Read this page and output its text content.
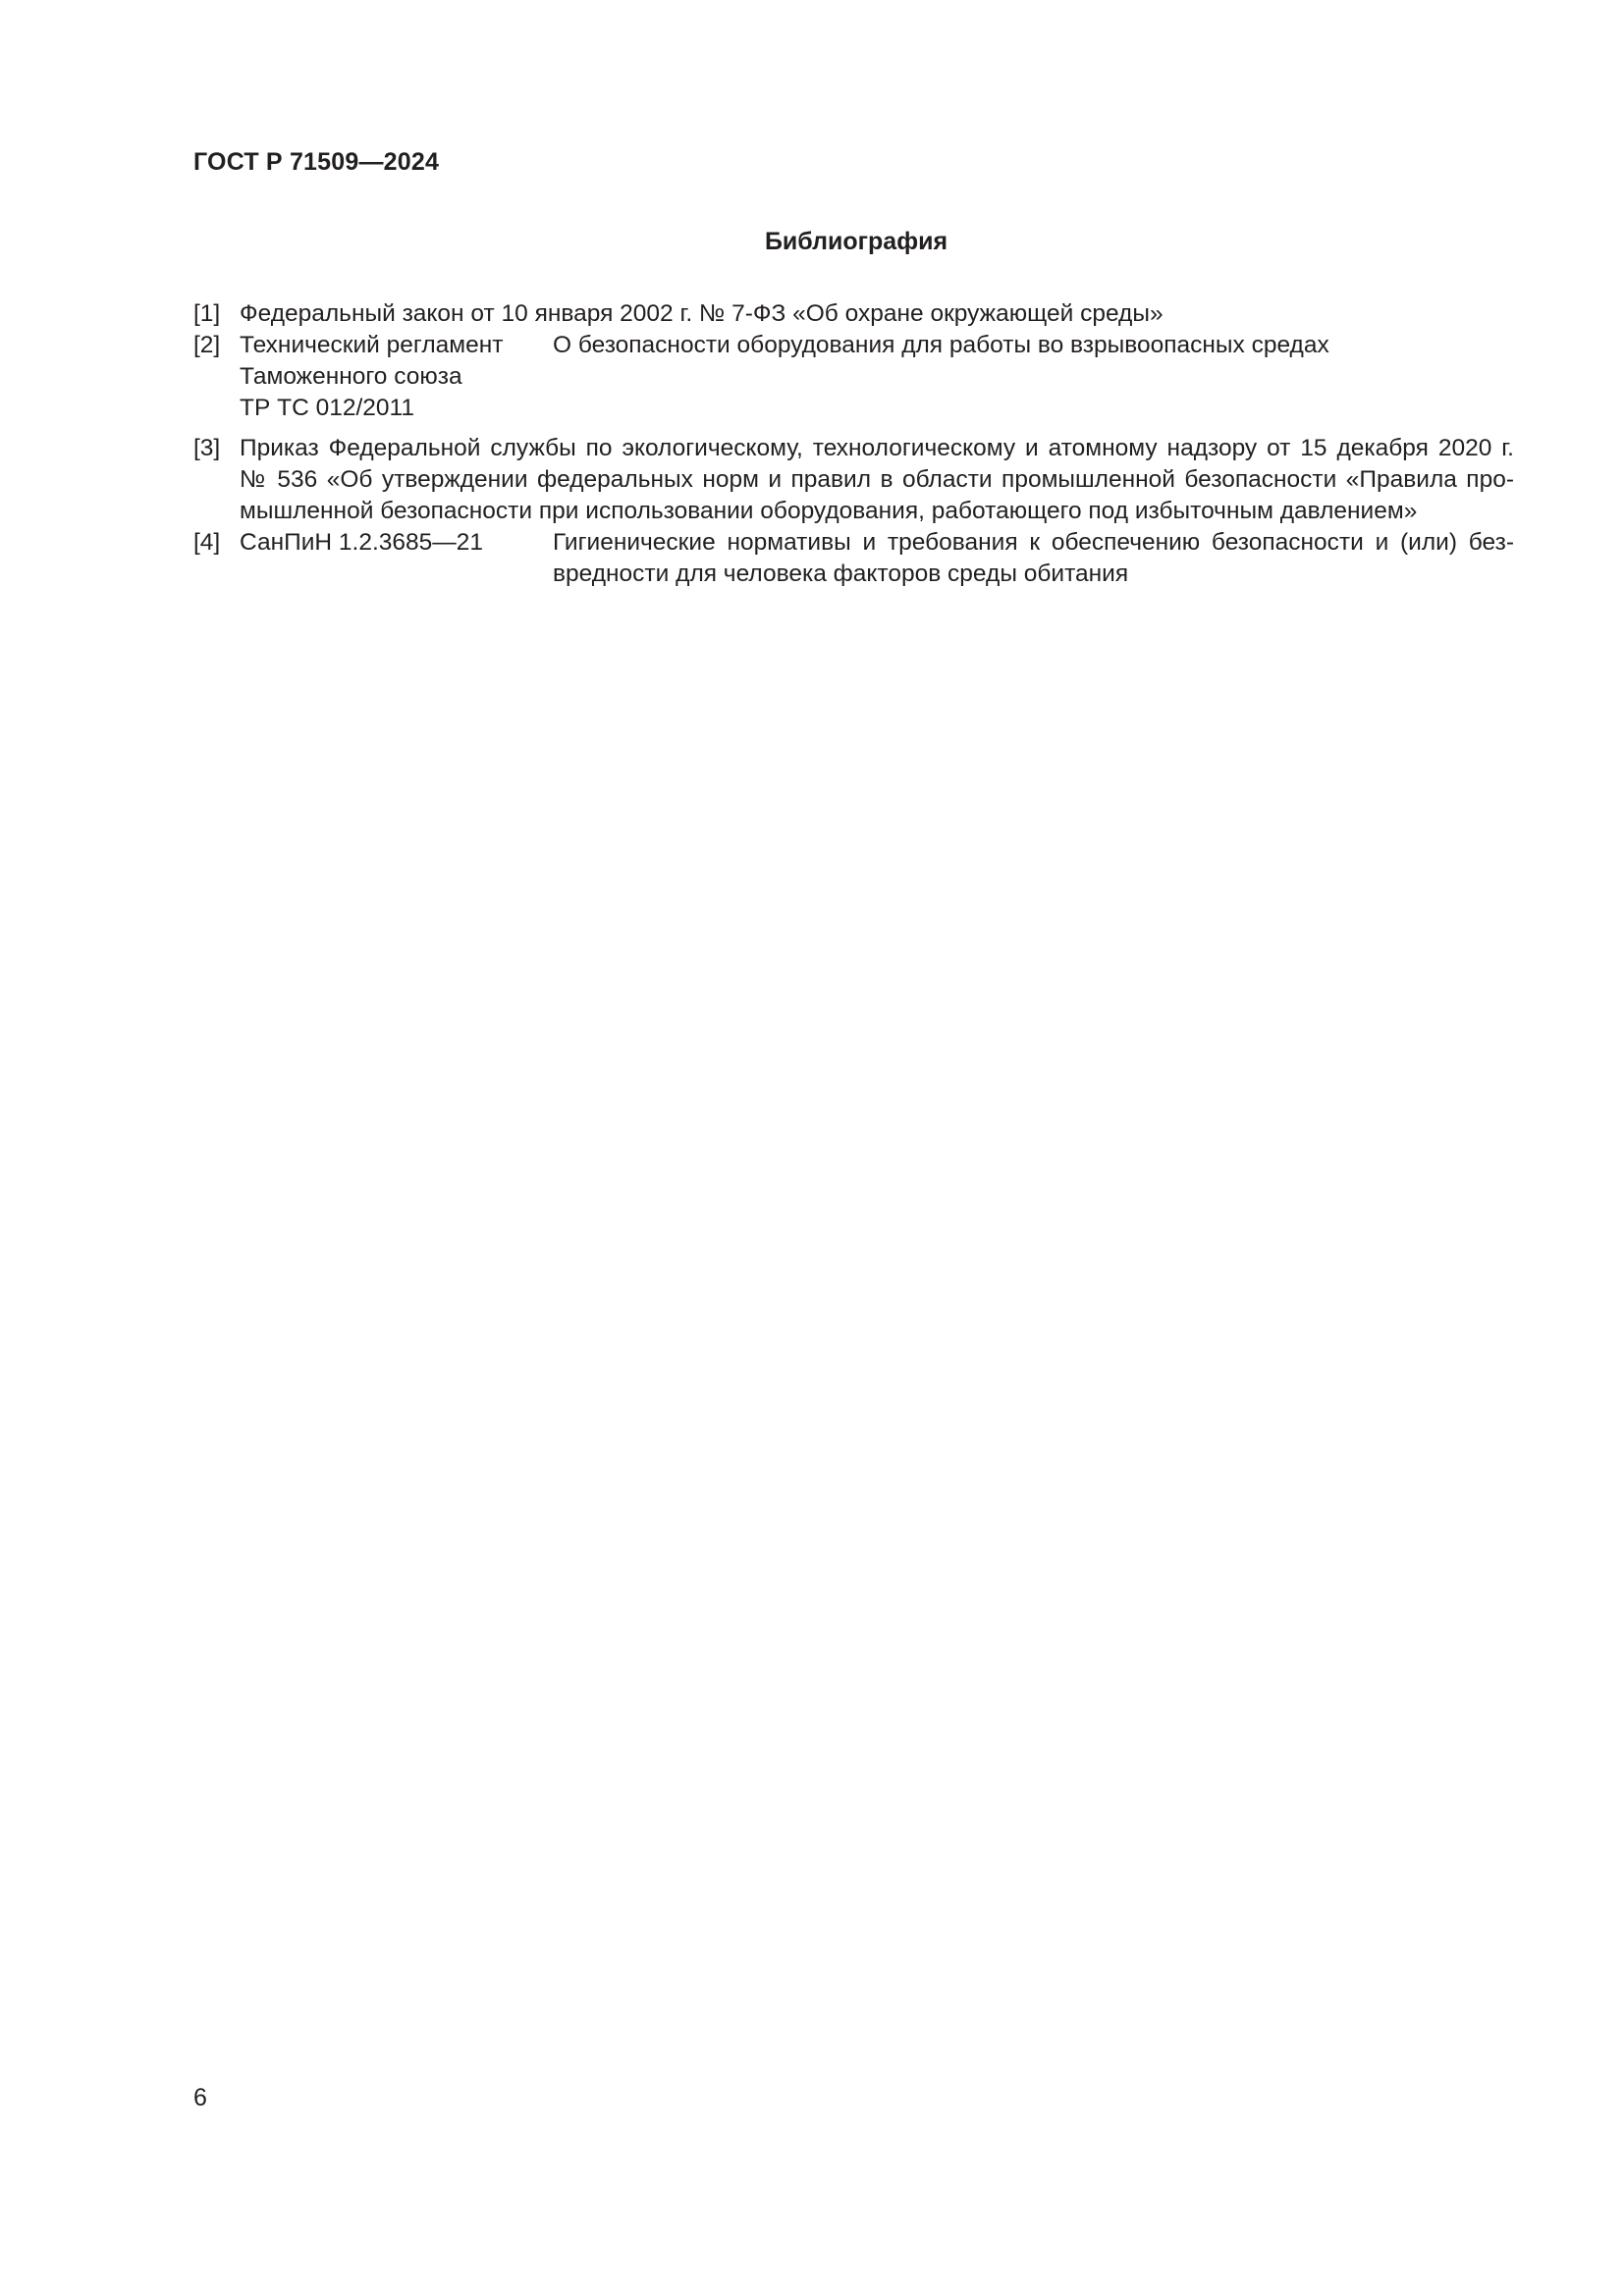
ГОСТ Р 71509—2024
Библиография
[1] Федеральный закон от 10 января 2002 г. № 7-ФЗ «Об охране окружающей среды»
[2] Технический регламент
Таможенного союза
ТР ТС 012/2011
О безопасности оборудования для работы во взрывоопасных средах
[3] Приказ Федеральной службы по экологическому, технологическому и атомному надзору от 15 декабря 2020 г.
№ 536 «Об утверждении федеральных норм и правил в области промышленной безопасности «Правила про-
мышленной безопасности при использовании оборудования, работающего под избыточным давлением»
[4] СанПиН 1.2.3685—21	Гигиенические нормативы и требования к обеспечению безопасности и (или) без-
вредности для человека факторов среды обитания
6
